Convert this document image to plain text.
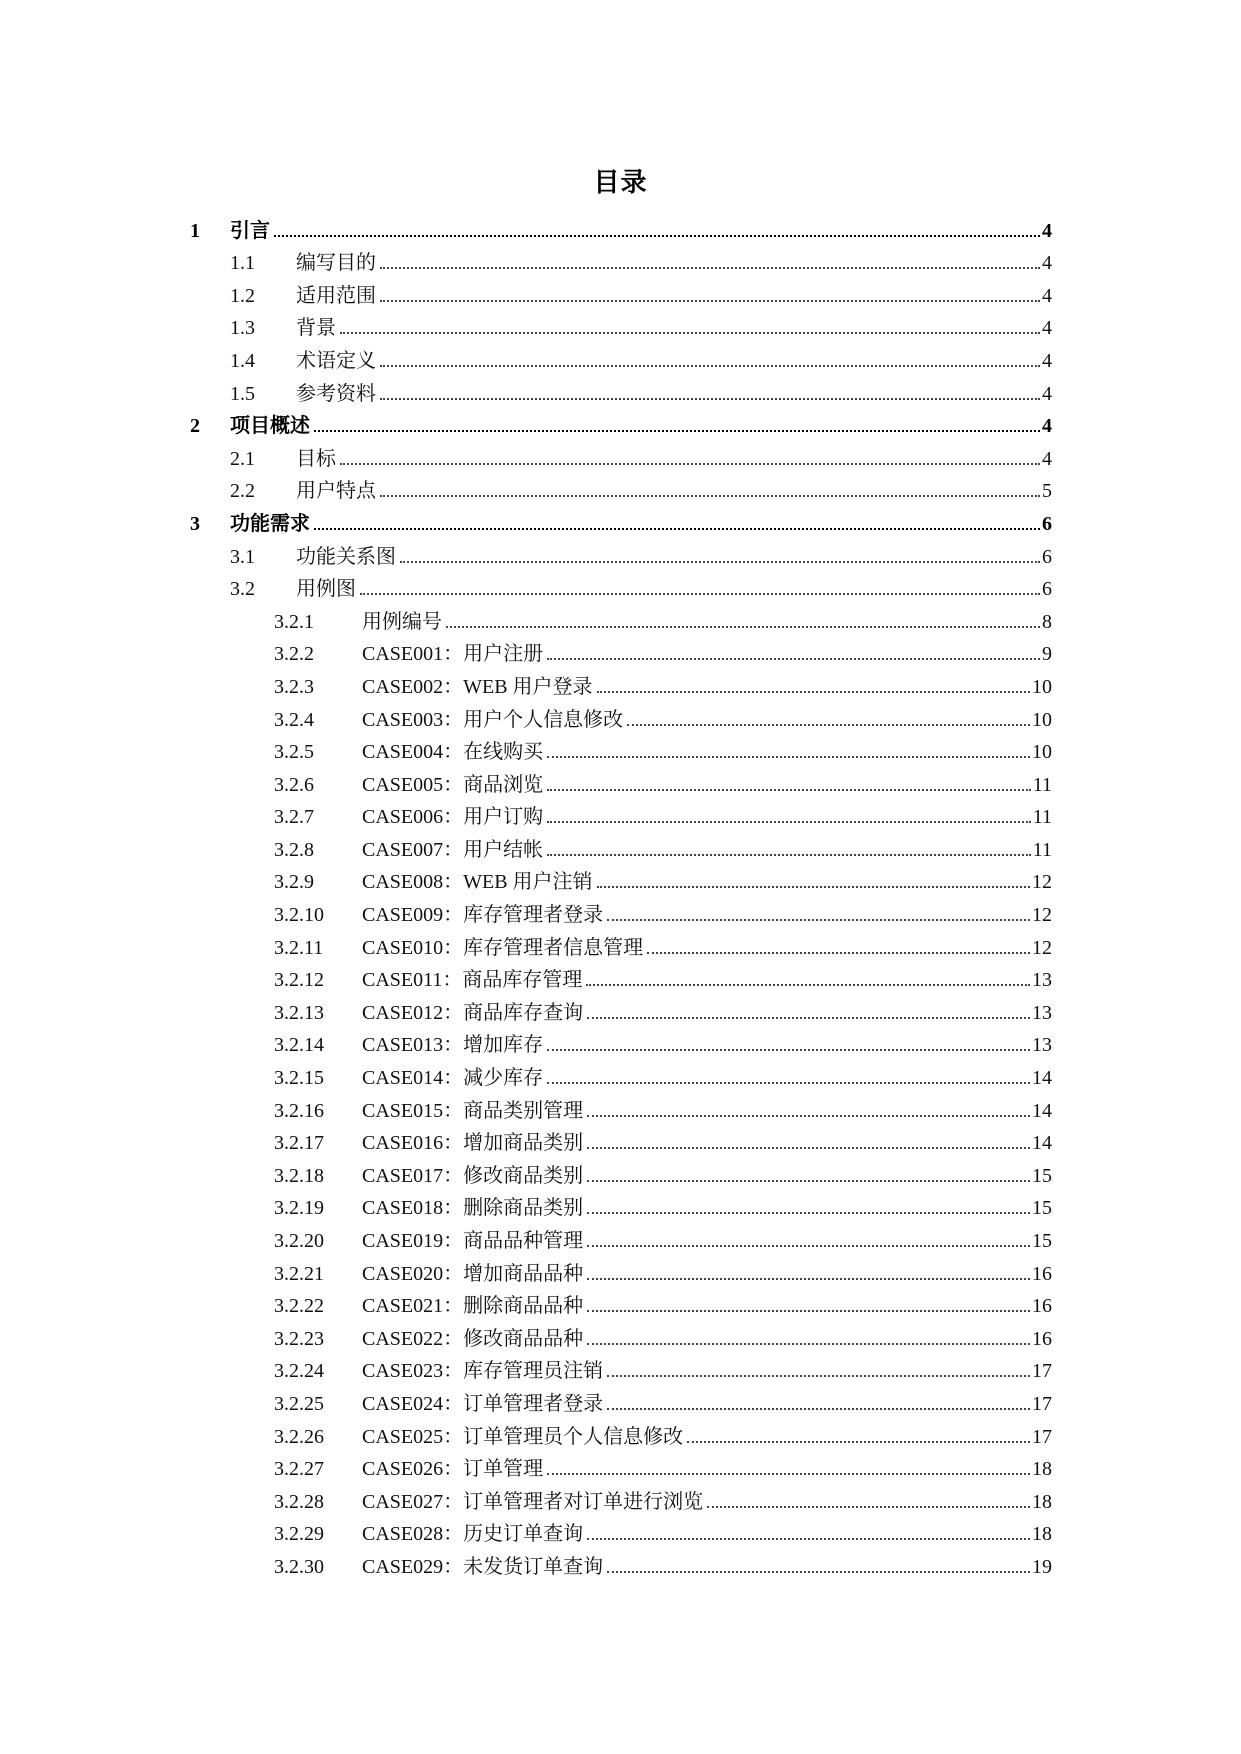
目录
1	引言	4
1.1	编写目的	4
1.2	适用范围	4
1.3	背景	4
1.4	术语定义	4
1.5	参考资料	4
2	项目概述	4
2.1	目标	4
2.2	用户特点	5
3	功能需求	6
3.1	功能关系图	6
3.2	用例图	6
3.2.1	用例编号	8
3.2.2	CASE001：用户注册	9
3.2.3	CASE002：WEB 用户登录	10
3.2.4	CASE003：用户个人信息修改	10
3.2.5	CASE004：在线购买	10
3.2.6	CASE005：商品浏览	11
3.2.7	CASE006：用户订购	11
3.2.8	CASE007：用户结帐	11
3.2.9	CASE008：WEB 用户注销	12
3.2.10	CASE009：库存管理者登录	12
3.2.11	CASE010：库存管理者信息管理	12
3.2.12	CASE011：商品库存管理	13
3.2.13	CASE012：商品库存查询	13
3.2.14	CASE013：增加库存	13
3.2.15	CASE014：减少库存	14
3.2.16	CASE015：商品类别管理	14
3.2.17	CASE016：增加商品类别	14
3.2.18	CASE017：修改商品类别	15
3.2.19	CASE018：删除商品类别	15
3.2.20	CASE019：商品品种管理	15
3.2.21	CASE020：增加商品品种	16
3.2.22	CASE021：删除商品品种	16
3.2.23	CASE022：修改商品品种	16
3.2.24	CASE023：库存管理员注销	17
3.2.25	CASE024：订单管理者登录	17
3.2.26	CASE025：订单管理员个人信息修改	17
3.2.27	CASE026：订单管理	18
3.2.28	CASE027：订单管理者对订单进行浏览	18
3.2.29	CASE028：历史订单查询	18
3.2.30	CASE029：未发货订单查询	19
